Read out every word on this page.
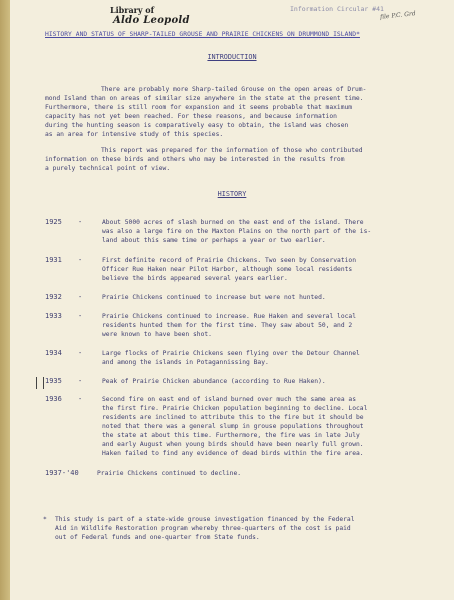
Library of
Aldo Leopold
Information Circular #41
file P.C. Grd
HISTORY AND STATUS OF SHARP-TAILED GROUSE AND PRAIRIE CHICKENS ON DRUMMOND ISLAND*
INTRODUCTION
There are probably more Sharp-tailed Grouse on the open areas of Drum-
mond Island than on areas of similar size anywhere in the state at the present time.
Furthermore, there is still room for expansion and it seems probable that maximum
capacity has not yet been reached. For these reasons, and because information
during the hunting season is comparatively easy to obtain, the island was chosen
as an area for intensive study of this species.
This report was prepared for the information of those who contributed
information on these birds and others who may be interested in the results from
a purely technical point of view.
HISTORY
1925 -	About 5000 acres of slash burned on the east end of the island. There
was also a large fire on the Maxton Plains on the north part of the is-
land about this same time or perhaps a year or two earlier.
1931 -	First definite record of Prairie Chickens. Two seen by Conservation
Officer Rue Haken near Pilot Harbor, although some local residents
believe the birds appeared several years earlier.
1932 -	Prairie Chickens continued to increase but were not hunted.
1933 -	Prairie Chickens continued to increase. Rue Haken and several local
residents hunted them for the first time. They saw about 50, and 2
were known to have been shot.
1934 -	Large flocks of Prairie Chickens seen flying over the Detour Channel
and among the islands in Potagannissing Bay.
1935 -	Peak of Prairie Chicken abundance (according to Rue Haken).
1936 -	Second fire on east end of island burned over much the same area as
the first fire. Prairie Chicken population beginning to decline. Local
residents are inclined to attribute this to the fire but it should be
noted that there was a general slump in grouse populations throughout
the state at about this time. Furthermore, the fire was in late July
and early August when young birds should have been nearly full grown.
Haken failed to find any evidence of dead birds within the fire area.
1937-'40	Prairie Chickens continued to decline.
* This study is part of a state-wide grouse investigation financed by the Federal
Aid in Wildlife Restoration program whereby three-quarters of the cost is paid
out of Federal funds and one-quarter from State funds.
